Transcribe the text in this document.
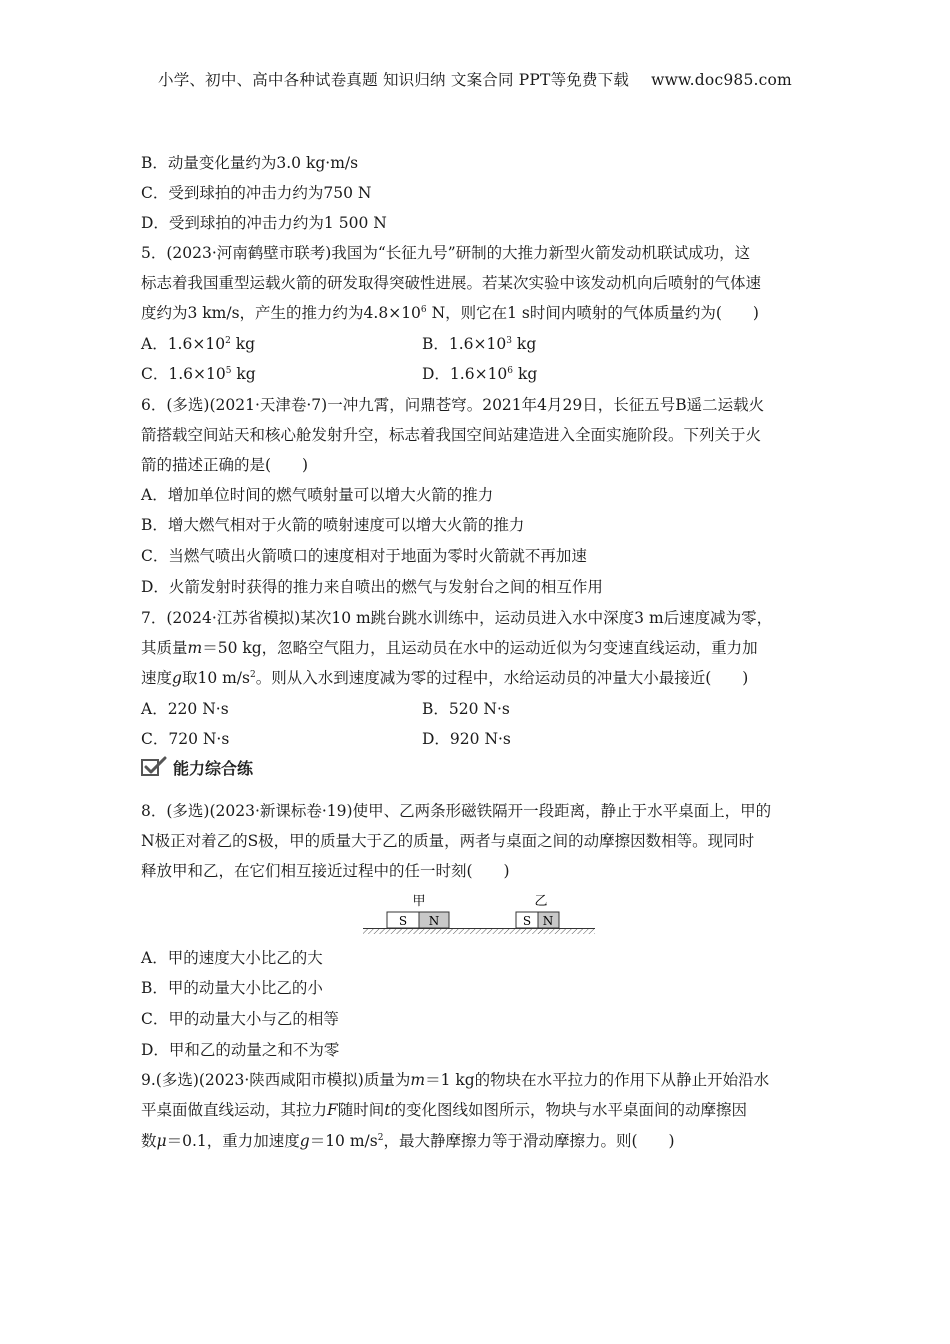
小学、初中、高中各种试卷真题 知识归纳 文案合同 PPT等免费下载 www.doc985.com
B．动量变化量约为3.0 kg·m/s
C．受到球拍的冲击力约为750 N
D．受到球拍的冲击力约为1 500 N
5．(2023·河南鹤壁市联考)我国为“长征九号”研制的大推力新型火箭发动机联试成功，这
标志着我国重型运载火箭的研发取得突破性进展。若某次实验中该发动机向后喷射的气体速
度约为3 km/s，产生的推力约为$4.8\times 10^6$ N，则它在1 s时间内喷射的气体质量约为(　　)
A．$1.6\times 10^2$ kg	B．$1.6\times 10^3$ kg
C．$1.6\times 10^5$ kg	D．$1.6\times 10^6$ kg
6．(多选)(2021·天津卷·7)一冲九霄，问鼎苍穹。2021年4月29日，长征五号B遥二运载火
箭搭载空间站天和核心舱发射升空，标志着我国空间站建造进入全面实施阶段。下列关于火
箭的描述正确的是(　　)
A．增加单位时间的燃气喷射量可以增大火箭的推力
B．增大燃气相对于火箭的喷射速度可以增大火箭的推力
C．当燃气喷出火箭喷口的速度相对于地面为零时火箭就不再加速
D．火箭发射时获得的推力来自喷出的燃气与发射台之间的相互作用
7．(2024·江苏省模拟)某次10 m跳台跳水训练中，运动员进入水中深度3 m后速度减为零，
其质量m＝50 kg，忽略空气阻力，且运动员在水中的运动近似为匀变速直线运动，重力加
速度g取10 $m/s^2$。则从入水到速度减为零的过程中，水给运动员的冲量大小最接近(　　)
A．220 N·s	B．520 N·s
C．720 N·s	D．920 N·s
能力综合练
8．(多选)(2023·新课标卷·19)使甲、乙两条形磁铁隔开一段距离，静止于水平桌面上，甲的
N极正对着乙的S极，甲的质量大于乙的质量，两者与桌面之间的动摩擦因数相等。现同时
释放甲和乙，在它们相互接近过程中的任一时刻(　　)
甲	乙
S N	S N
A．甲的速度大小比乙的大
B．甲的动量大小比乙的小
C．甲的动量大小与乙的相等
D．甲和乙的动量之和不为零
9.(多选)(2023·陕西咸阳市模拟)质量为m＝1 kg的物块在水平拉力的作用下从静止开始沿水
平桌面做直线运动，其拉力F随时间t的变化图线如图所示，物块与水平桌面间的动摩擦因
数μ＝0.1，重力加速度g＝10 $m/s^2$，最大静摩擦力等于滑动摩擦力。则(　　)
